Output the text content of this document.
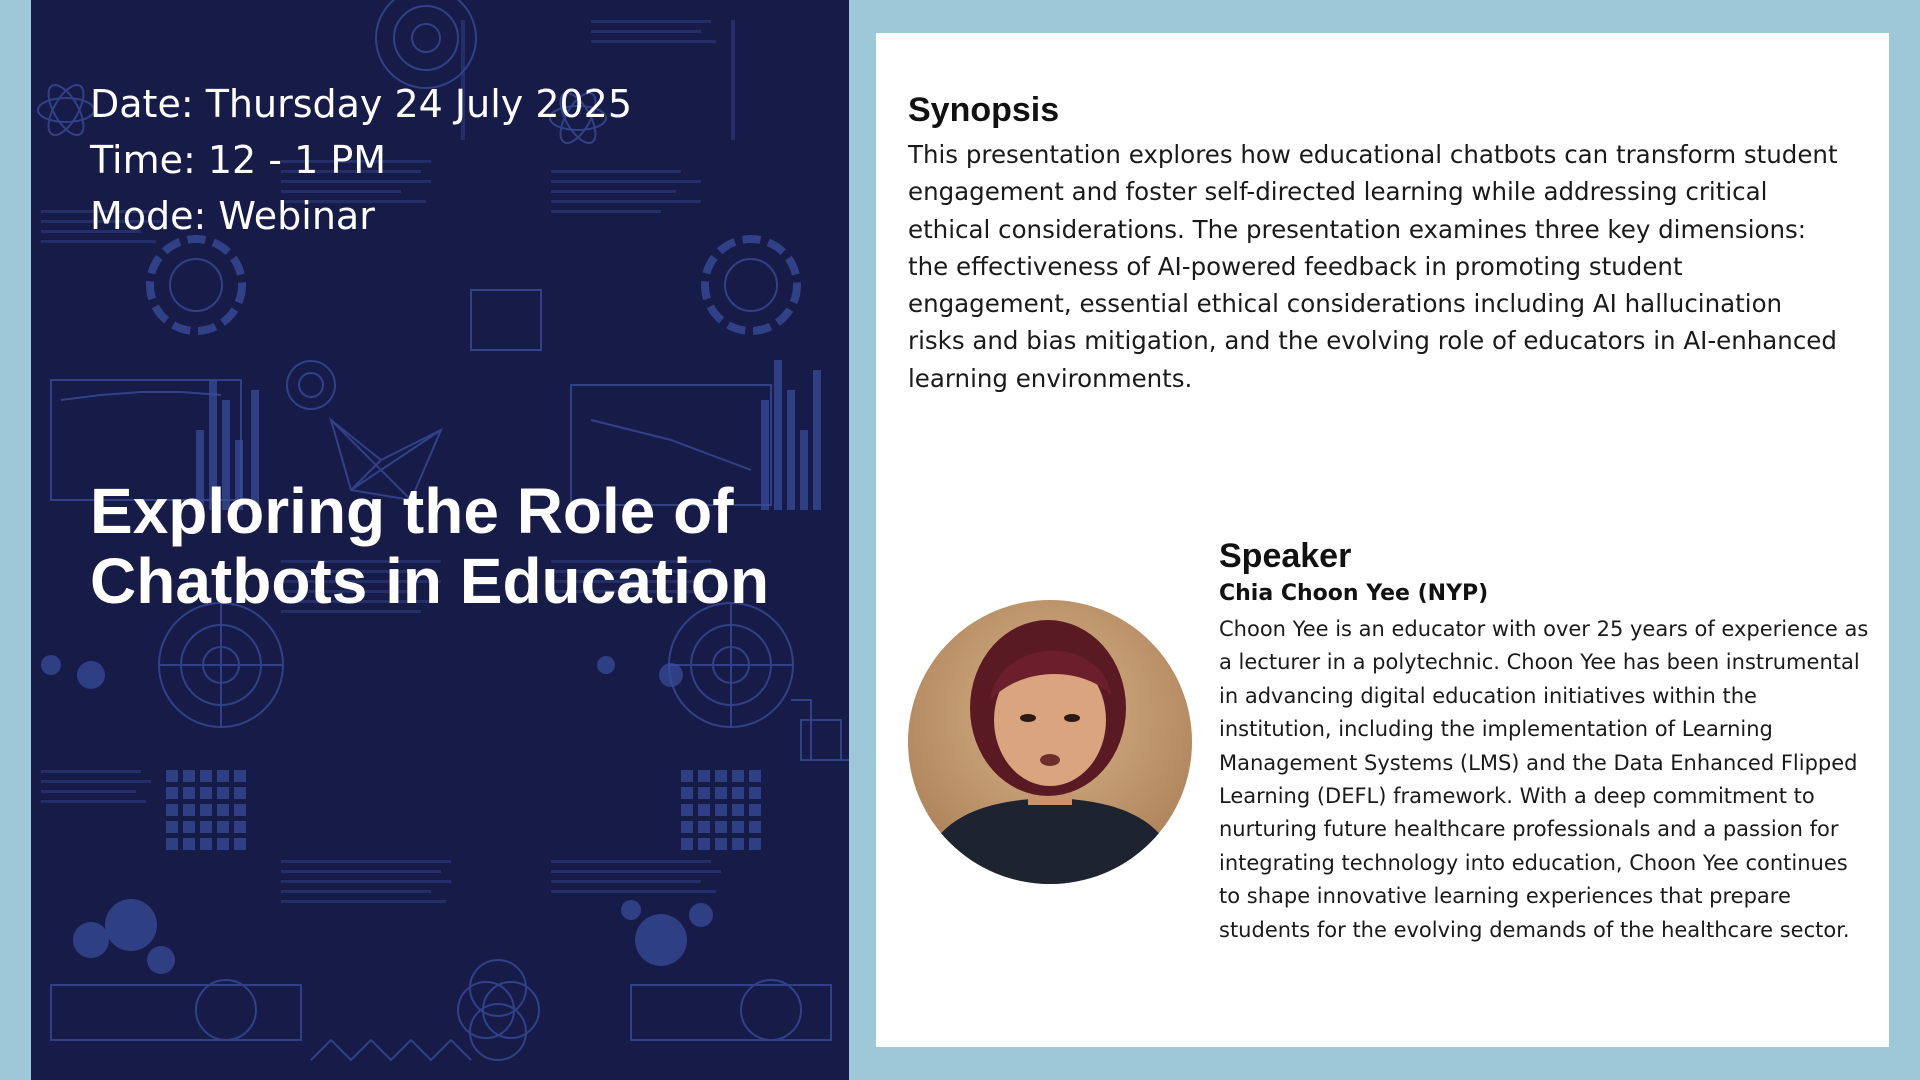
Date: Thursday 24 July 2025
Time: 12 - 1 PM
Mode: Webinar
Exploring the Role of
Chatbots in Education
Synopsis
This presentation explores how educational chatbots can transform student engagement and foster self-directed learning while addressing critical ethical considerations. The presentation examines three key dimensions: the effectiveness of AI-powered feedback in promoting student engagement, essential ethical considerations including AI hallucination risks and bias mitigation, and the evolving role of educators in AI-enhanced learning environments.
Speaker
Chia Choon Yee (NYP)
Choon Yee is an educator with over 25 years of experience as a lecturer in a polytechnic. Choon Yee has been instrumental in advancing digital education initiatives within the institution, including the implementation of Learning Management Systems (LMS) and the Data Enhanced Flipped Learning (DEFL) framework. With a deep commitment to nurturing future healthcare professionals and a passion for integrating technology into education, Choon Yee continues to shape innovative learning experiences that prepare students for the evolving demands of the healthcare sector.
